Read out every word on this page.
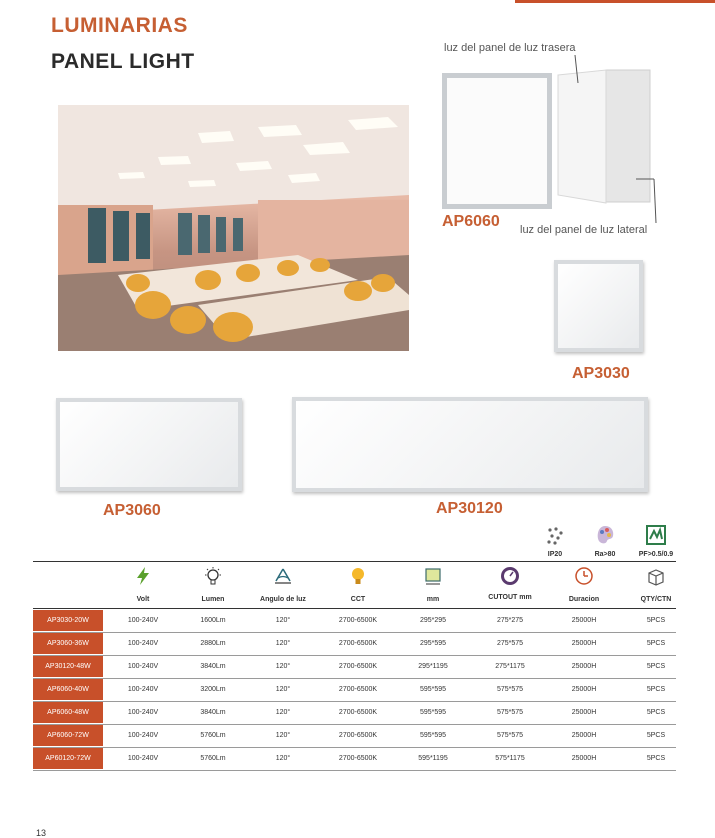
LUMINARIAS
PANEL LIGHT
luz del panel de luz trasera
AP6060 luz del panel de luz lateral
AP3030
AP3060	AP30120
IP20	Ra>80	PF>0.5/0.9
Volt	Lumen	Angulo de luz	CCT	mm	CUTOUT mm	Duracion	QTY/CTN
AP3030-20W	100-240V	1600Lm	120°	2700-6500K	295*295	275*275	25000H	5PCS
AP3060-36W	100-240V	2880Lm	120°	2700-6500K	295*595	275*575	25000H	5PCS
AP30120-48W	100-240V	3840Lm	120°	2700-6500K	295*1195	275*1175	25000H	5PCS
AP6060-40W	100-240V	3200Lm	120°	2700-6500K	595*595	575*575	25000H	5PCS
AP6060-48W	100-240V	3840Lm	120°	2700-6500K	595*595	575*575	25000H	5PCS
AP6060-72W	100-240V	5760Lm	120°	2700-6500K	595*595	575*575	25000H	5PCS
AP60120-72W	100-240V	5760Lm	120°	2700-6500K	595*1195	575*1175	25000H	5PCS
13
